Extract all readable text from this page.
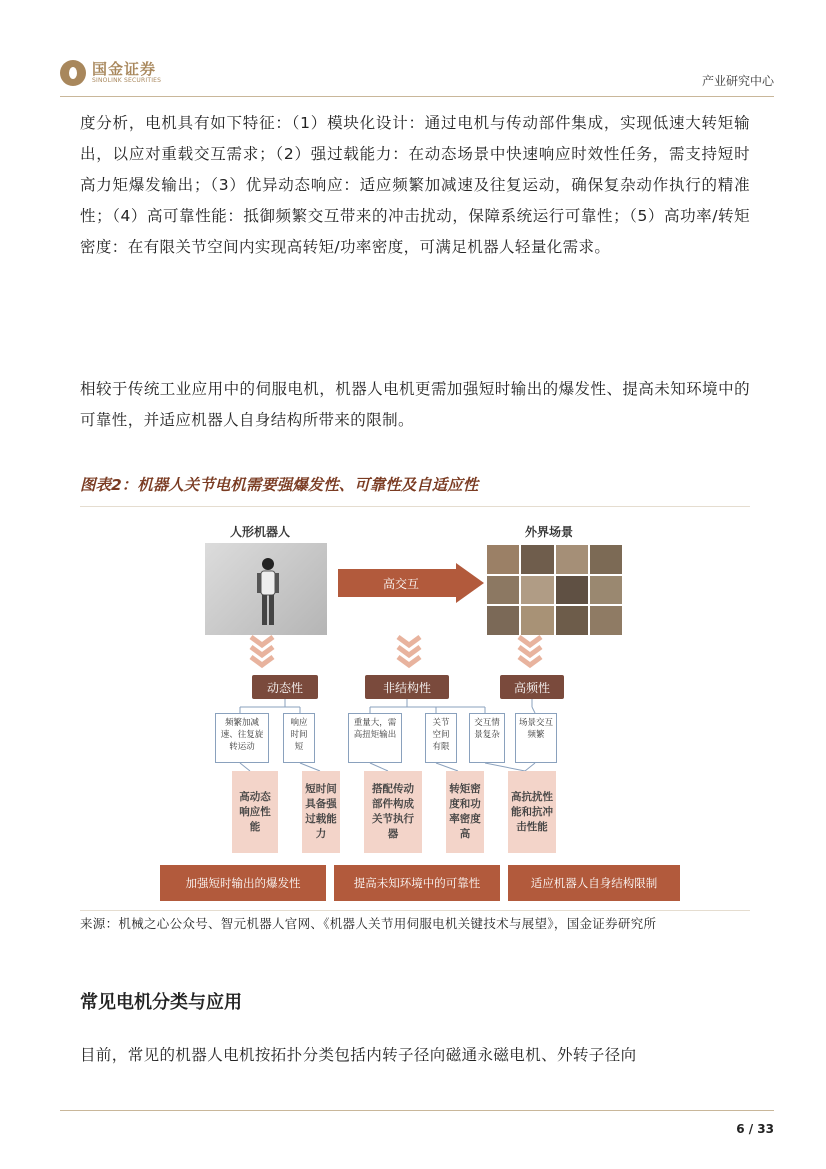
国金证券
SINOLINK SECURITIES	产业研究中心

度分析，电机具有如下特征：（1）模块化设计：通过电机与传动部件集成，实现低速大转矩输出，以应对重载交互需求；（2）强过载能力：在动态场景中快速响应时效性任务，需支持短时高力矩爆发输出；（3）优异动态响应：适应频繁加减速及往复运动，确保复杂动作执行的精准性；（4）高可靠性能：抵御频繁交互带来的冲击扰动，保障系统运行可靠性；（5）高功率/转矩密度：在有限关节空间内实现高转矩/功率密度，可满足机器人轻量化需求。

相较于传统工业应用中的伺服电机，机器人电机更需加强短时输出的爆发性、提高未知环境中的可靠性，并适应机器人自身结构所带来的限制。

图表2：机器人关节电机需要强爆发性、可靠性及自适应性
人形机器人	外界场景
高交互
动态性	非结构性	高频性
频繁加减速、往复旋转运动
响应时间短
重量大，需高扭矩输出
关节空间有限
交互情景复杂
场景交互频繁
高动态响应性能
短时间具备强过载能力
搭配传动部件构成关节执行器
转矩密度和功率密度高
高抗扰性能和抗冲击性能
加强短时输出的爆发性	提高未知环境中的可靠性	适应机器人自身结构限制

来源：机械之心公众号、智元机器人官网、《机器人关节用伺服电机关键技术与展望》，国金证券研究所

常见电机分类与应用

目前，常见的机器人电机按拓扑分类包括内转子径向磁通永磁电机、外转子径向

6 / 33
